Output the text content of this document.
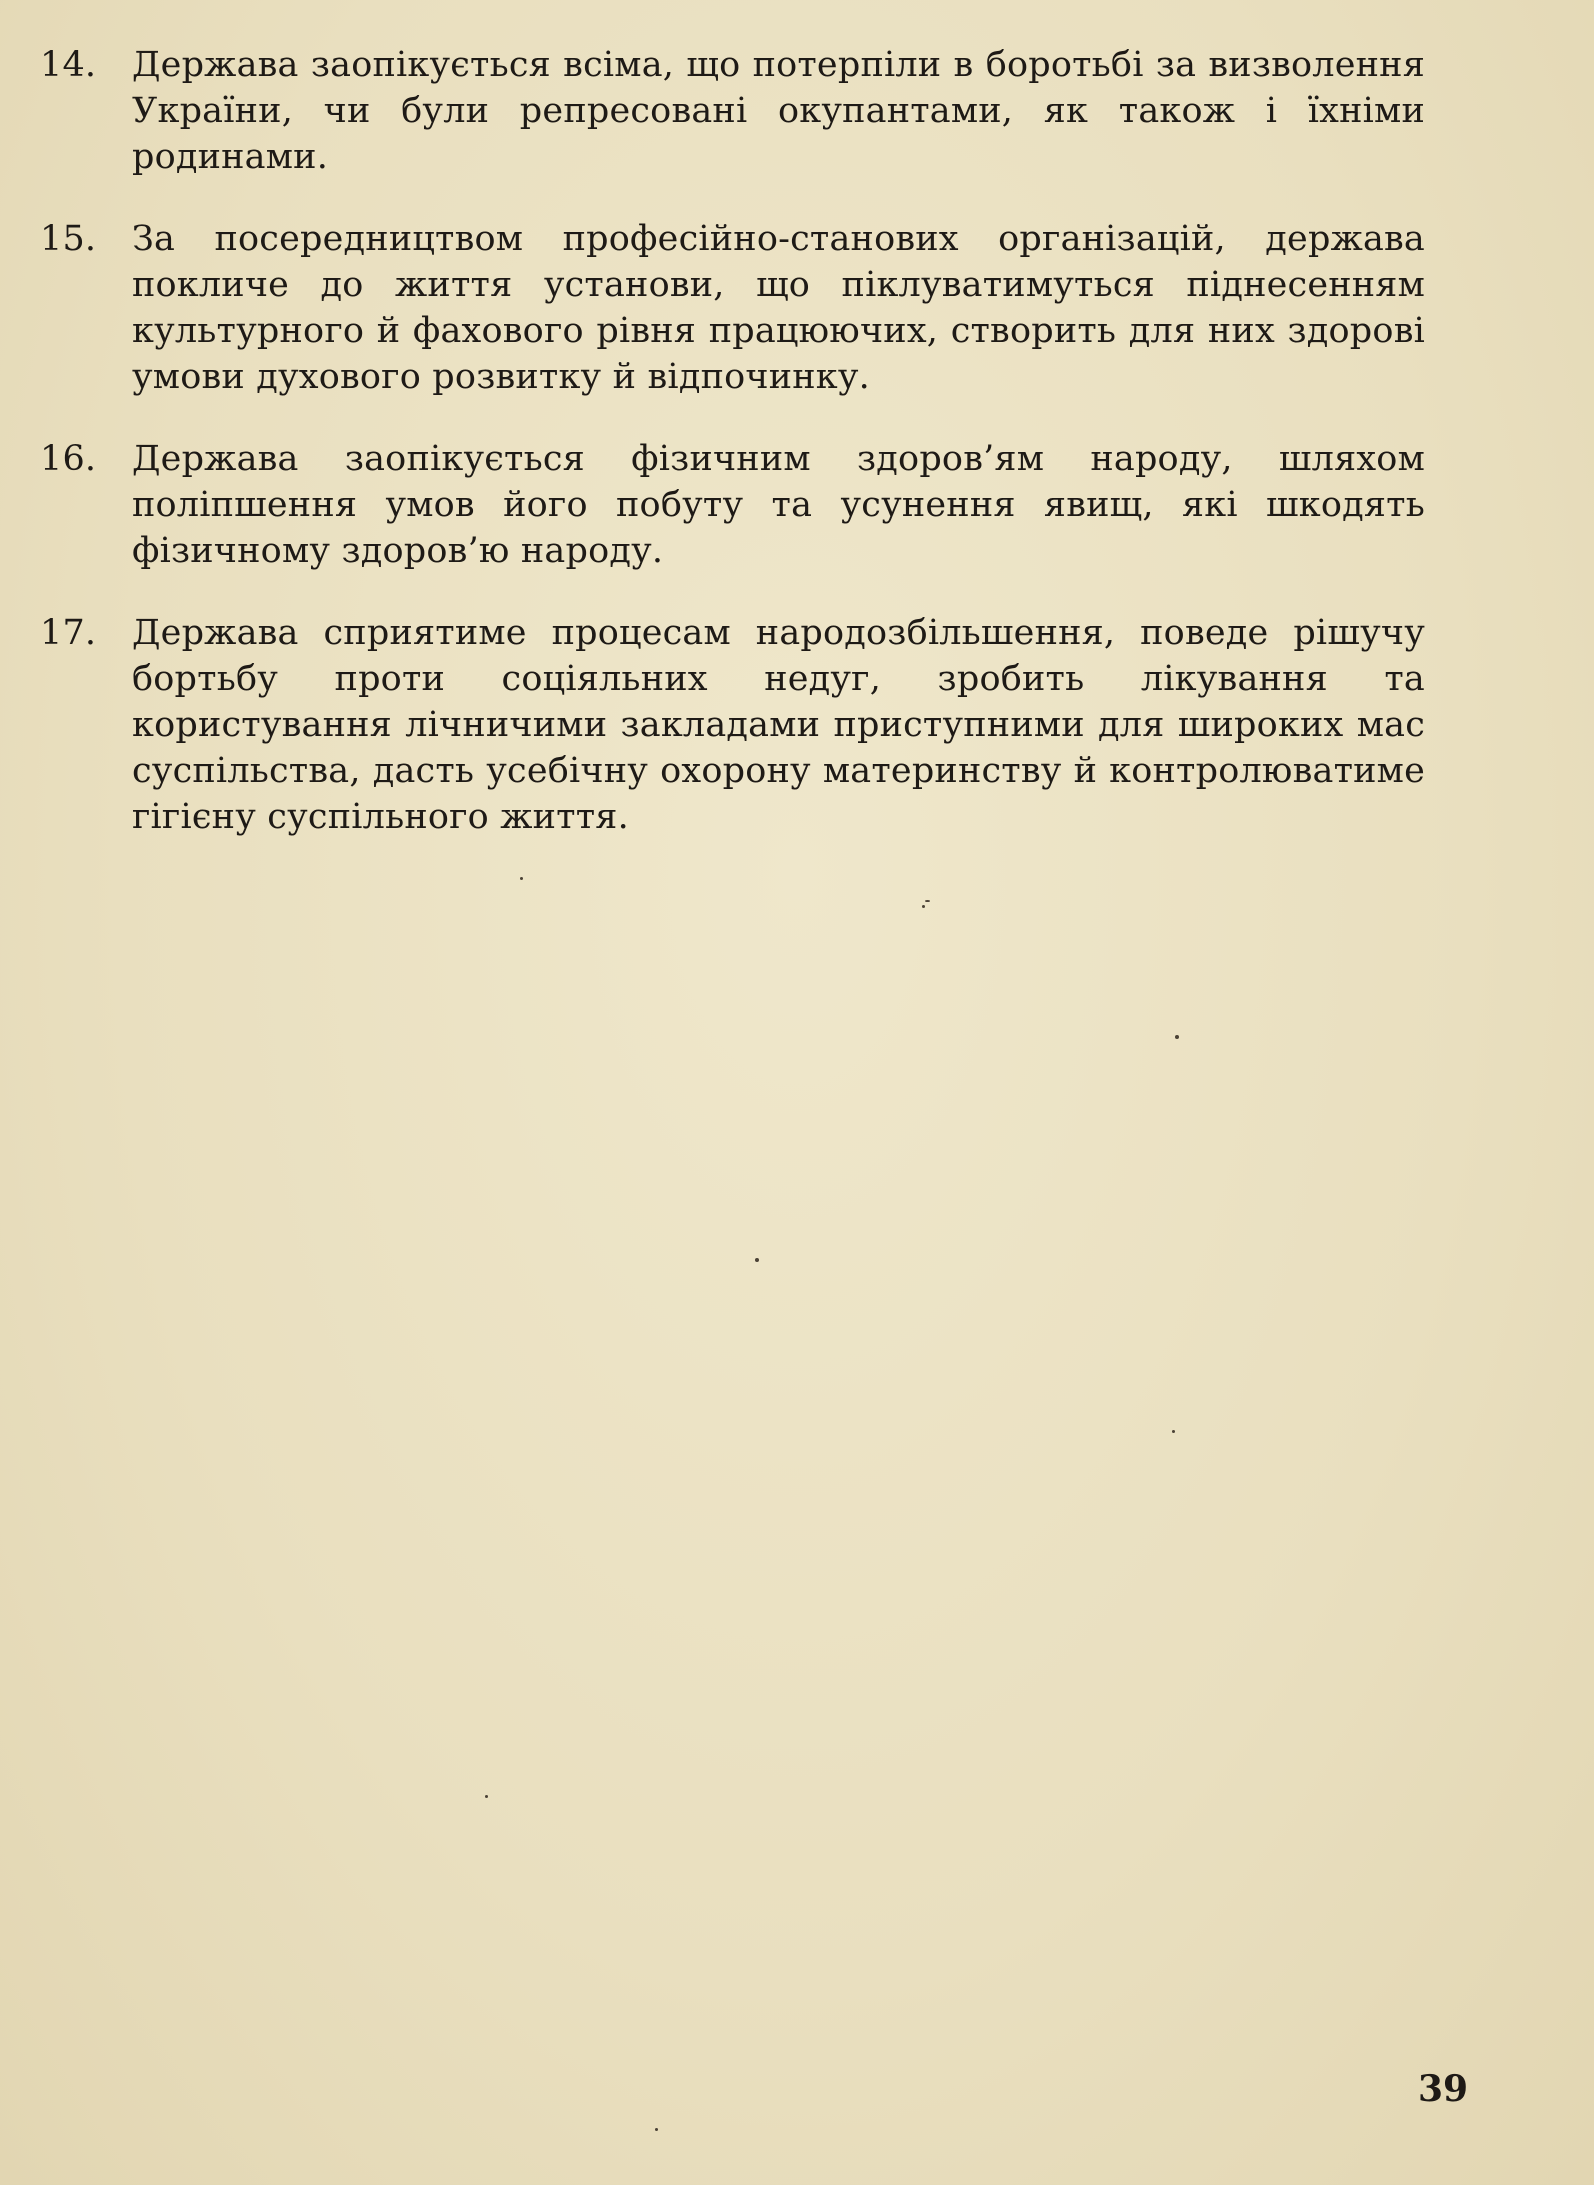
14.	Держава заопікується всіма, що потерпіли в боротьбі за визволення України, чи були репресовані окупантами, як також і їхніми родинами.
15.	За посередництвом професійно-станових організацій, держава покличе до життя установи, що піклуватимуться піднесенням культурного й фахового рівня працюючих, створить для них здорові умови духового розвитку й відпочинку.
16.	Держава заопікується фізичним здоров’ям народу, шляхом поліпшення умов його побуту та усунення явищ, які шкодять фізичному здоров’ю народу.
17.	Держава сприятиме процесам народозбільшення, поведе рішучу бортьбу проти соціяльних недуг, зробить лікування та користування лічничими закладами приступними для широких мас суспільства, дасть усебічну охорону материнству й контролюватиме гігієну суспільного життя.
39
